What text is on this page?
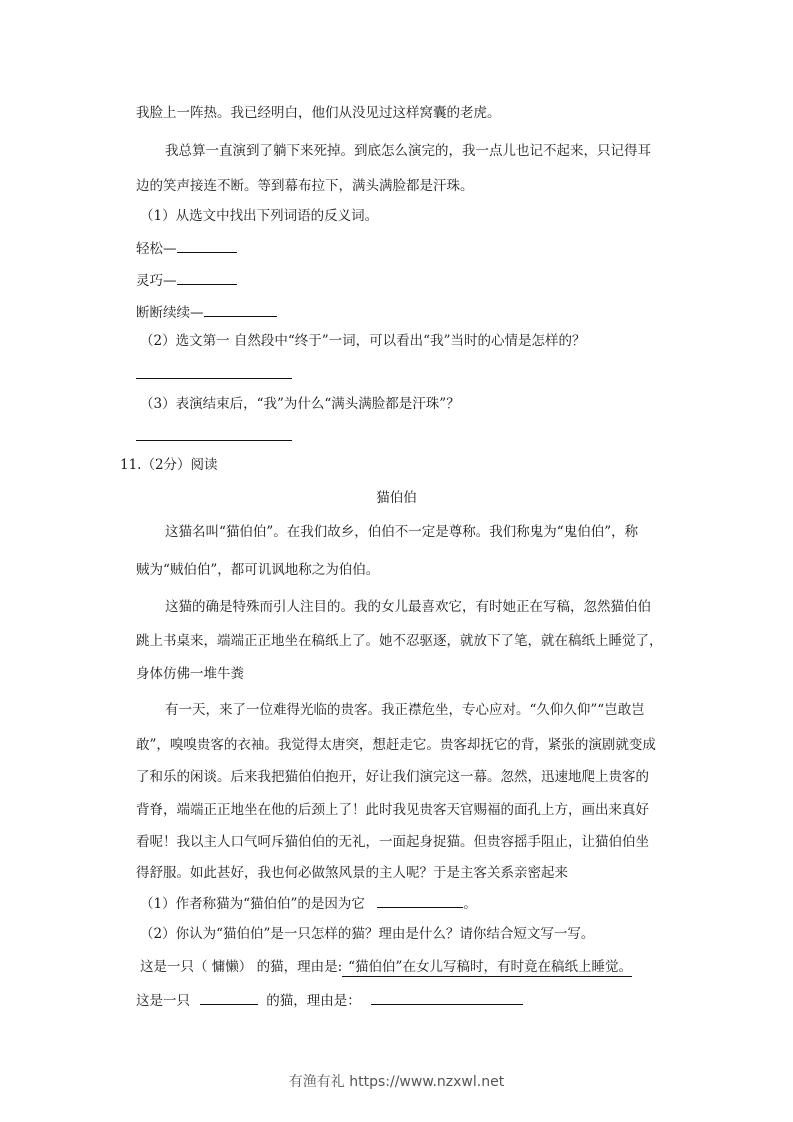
我脸上一阵热。我已经明白，他们从没见过这样窝囊的老虎。
我总算一直演到了躺下来死掉。到底怎么演完的，我一点儿也记不起来，只记得耳
边的笑声接连不断。等到幕布拉下，满头满脸都是汗珠。
（1）从选文中找出下列词语的反义词。
轻松—
灵巧—
断断续续—
（2）选文第一 自然段中“终于”一词，可以看出“我”当时的心情是怎样的？
（3）表演结束后，“我”为什么“满头满脸都是汗珠”？
11.（2分）阅读
猫伯伯
这猫名叫“猫伯伯”。在我们故乡，伯伯不一定是尊称。我们称鬼为“鬼伯伯”，称
贼为“贼伯伯”，都可讥讽地称之为伯伯。
这猫的确是特殊而引人注目的。我的女儿最喜欢它，有时她正在写稿，忽然猫伯伯
跳上书桌来，端端正正地坐在稿纸上了。她不忍驱逐，就放下了笔，就在稿纸上睡觉了，
身体仿佛一堆牛粪
有一天，来了一位难得光临的贵客。我正襟危坐，专心应对。“久仰久仰”“岂敢岂
敢”，嗅嗅贵客的衣袖。我觉得太唐突，想赶走它。贵客却抚它的背，紧张的演剧就变成
了和乐的闲谈。后来我把猫伯伯抱开，好让我们演完这一幕。忽然，迅速地爬上贵客的
背脊，端端正正地坐在他的后颈上了！此时我见贵客天官赐福的面孔上方，画出来真好
看呢！我以主人口气呵斥猫伯伯的无礼，一面起身捉猫。但贵容摇手阻止，让猫伯伯坐
得舒服。如此甚好，我也何必做煞风景的主人呢？于是主客关系亲密起来
（1）作者称猫为“猫伯伯”的是因为它	。
（2）你认为“猫伯伯”是一只怎样的猫？理由是什么？请你结合短文写一写。
这是一只（ 慵懒） 的猫，理由是: “猫伯伯”在女儿写稿时，有时竟在稿纸上睡觉。
这是一只	的猫，理由是：
有渔有礼 https://www.nzxwl.net
